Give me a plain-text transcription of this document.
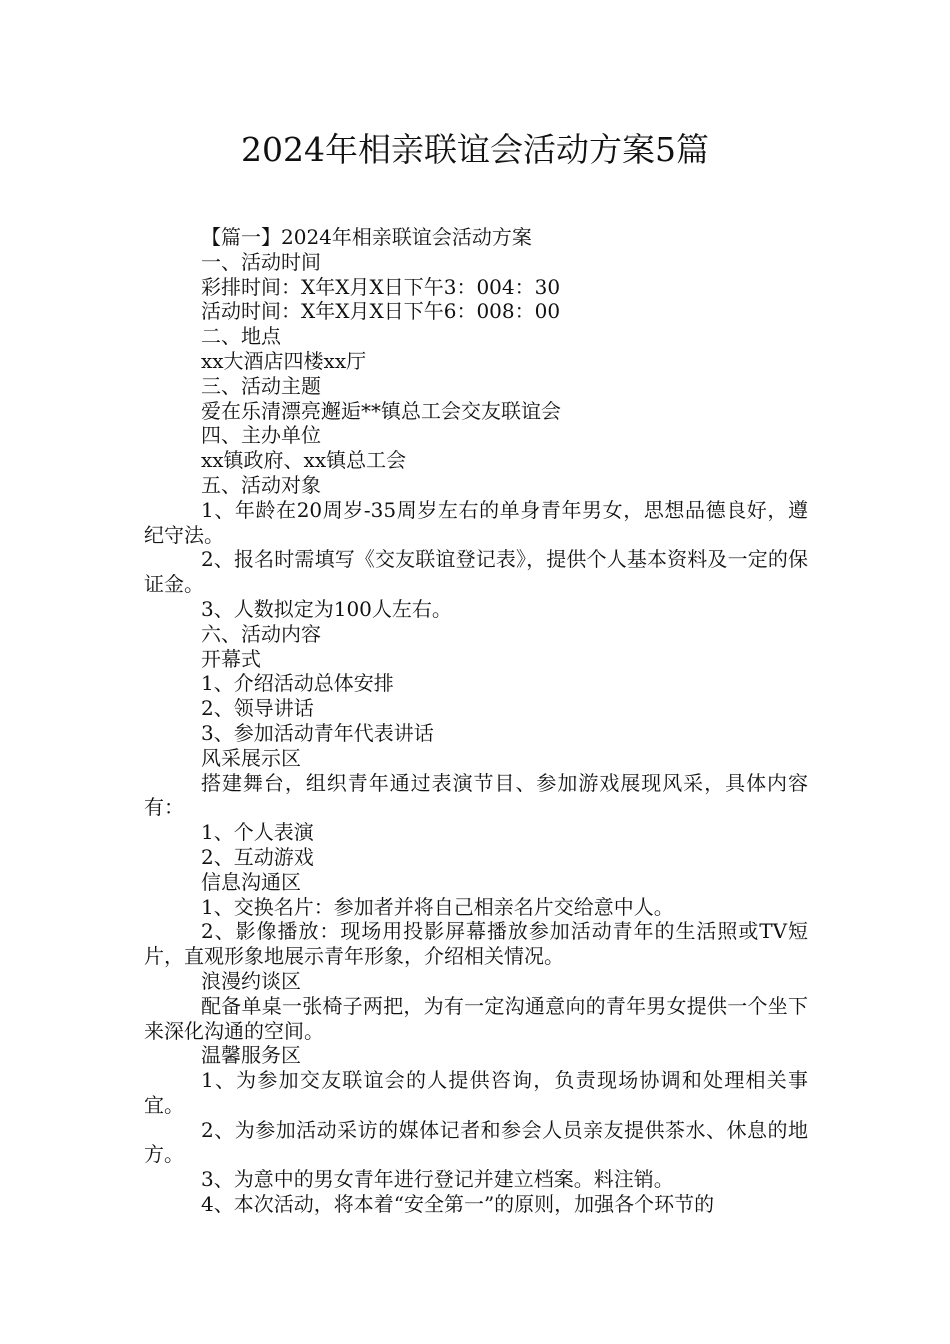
2024年相亲联谊会活动方案5篇

【篇一】2024年相亲联谊会活动方案

一、活动时间

彩排时间：X年X月X日下午3：004：30

活动时间：X年X月X日下午6：008：00

二、地点

xx大酒店四楼xx厅

三、活动主题

爱在乐清漂亮邂逅**镇总工会交友联谊会

四、主办单位

xx镇政府、xx镇总工会

五、活动对象

1、年龄在20周岁-35周岁左右的单身青年男女，思想品德良好，遵纪守法。

2、报名时需填写《交友联谊登记表》，提供个人基本资料及一定的保证金。

3、人数拟定为100人左右。

六、活动内容

开幕式

1、介绍活动总体安排

2、领导讲话

3、参加活动青年代表讲话

风采展示区

搭建舞台，组织青年通过表演节目、参加游戏展现风采，具体内容有：

1、个人表演

2、互动游戏

信息沟通区

1、交换名片：参加者并将自己相亲名片交给意中人。

2、影像播放：现场用投影屏幕播放参加活动青年的生活照或TV短片，直观形象地展示青年形象，介绍相关情况。

浪漫约谈区

配备单桌一张椅子两把，为有一定沟通意向的青年男女提供一个坐下来深化沟通的空间。

温馨服务区

1、为参加交友联谊会的人提供咨询，负责现场协调和处理相关事宜。

2、为参加活动采访的媒体记者和参会人员亲友提供茶水、休息的地方。

3、为意中的男女青年进行登记并建立档案。料注销。

4、本次活动，将本着“安全第一”的原则，加强各个环节的
